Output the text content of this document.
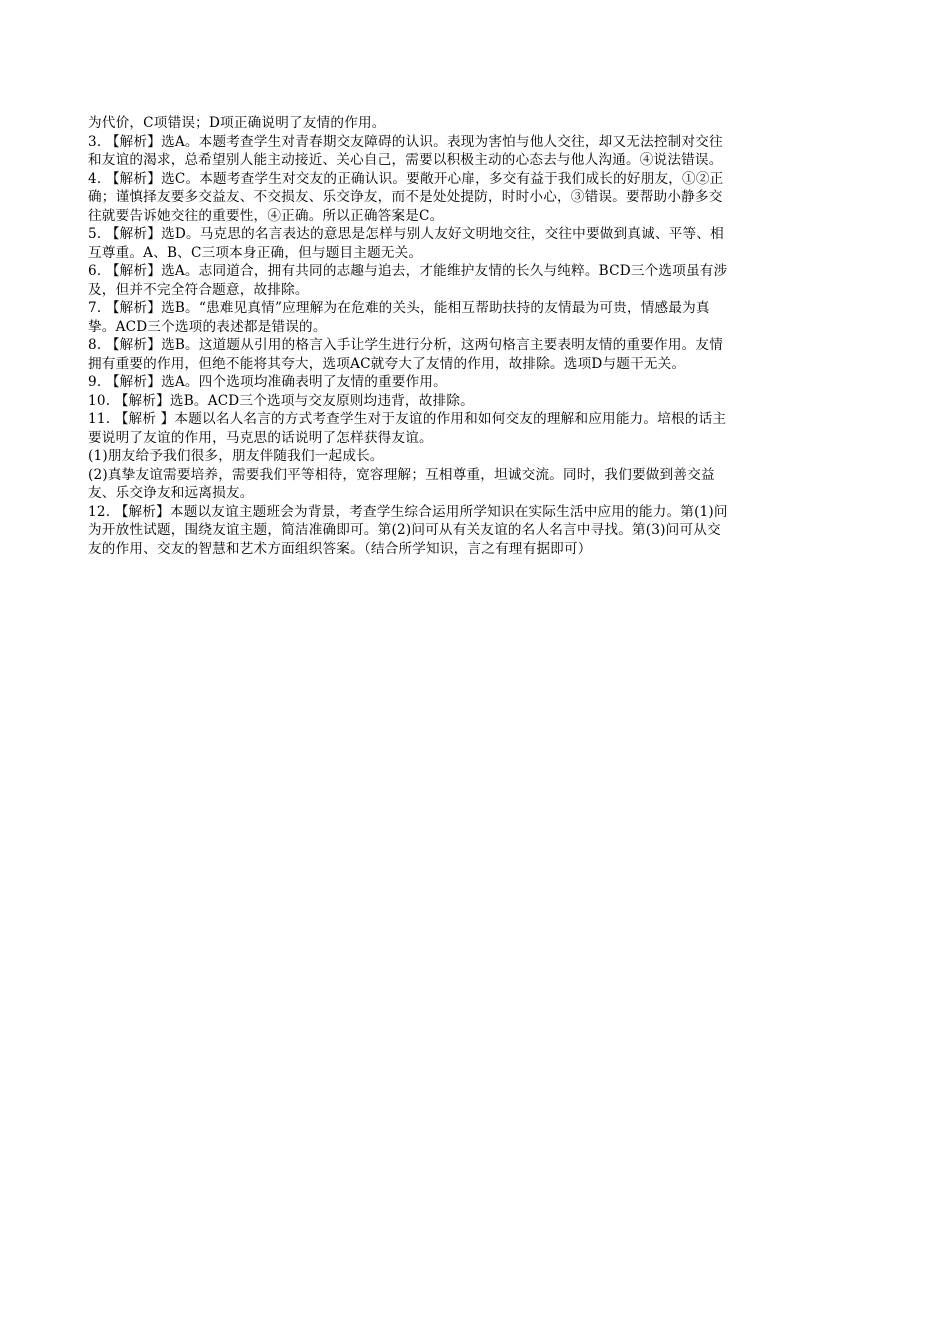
为代价，C项错误；D项正确说明了友情的作用。
3. 【解析】选A。本题考查学生对青春期交友障碍的认识。表现为害怕与他人交往，却又无法控制对交往
和友谊的渴求，总希望别人能主动接近、关心自己，需要以积极主动的心态去与他人沟通。④说法错误。
4. 【解析】选C。本题考查学生对交友的正确认识。要敞开心扉，多交有益于我们成长的好朋友，①②正
确；谨慎择友要多交益友、不交损友、乐交诤友，而不是处处提防，时时小心，③错误。要帮助小静多交
往就要告诉她交往的重要性，④正确。所以正确答案是C。
5. 【解析】选D。马克思的名言表达的意思是怎样与别人友好文明地交往，交往中要做到真诚、平等、相
互尊重。A、B、C三项本身正确，但与题目主题无关。
6. 【解析】选A。志同道合，拥有共同的志趣与追去，才能维护友情的长久与纯粹。BCD三个选项虽有涉
及，但并不完全符合题意，故排除。
7. 【解析】选B。“患难见真情”应理解为在危难的关头，能相互帮助扶持的友情最为可贵，情感最为真
挚。ACD三个选项的表述都是错误的。
8. 【解析】选B。这道题从引用的格言入手让学生进行分析，这两句格言主要表明友情的重要作用。友情
拥有重要的作用，但绝不能将其夸大，选项AC就夸大了友情的作用，故排除。选项D与题干无关。
9. 【解析】选A。四个选项均准确表明了友情的重要作用。
10. 【解析】选B。ACD三个选项与交友原则均违背，故排除。
11. 【解析 】本题以名人名言的方式考查学生对于友谊的作用和如何交友的理解和应用能力。培根的话主
要说明了友谊的作用，马克思的话说明了怎样获得友谊。
(1)朋友给予我们很多，朋友伴随我们一起成长。
(2)真挚友谊需要培养，需要我们平等相待，宽容理解；互相尊重，坦诚交流。同时，我们要做到善交益
友、乐交诤友和远离损友。
12. 【解析】本题以友谊主题班会为背景，考查学生综合运用所学知识在实际生活中应用的能力。第(1)问
为开放性试题，围绕友谊主题，简洁准确即可。第(2)问可从有关友谊的名人名言中寻找。第(3)问可从交
友的作用、交友的智慧和艺术方面组织答案。（结合所学知识，言之有理有据即可）
